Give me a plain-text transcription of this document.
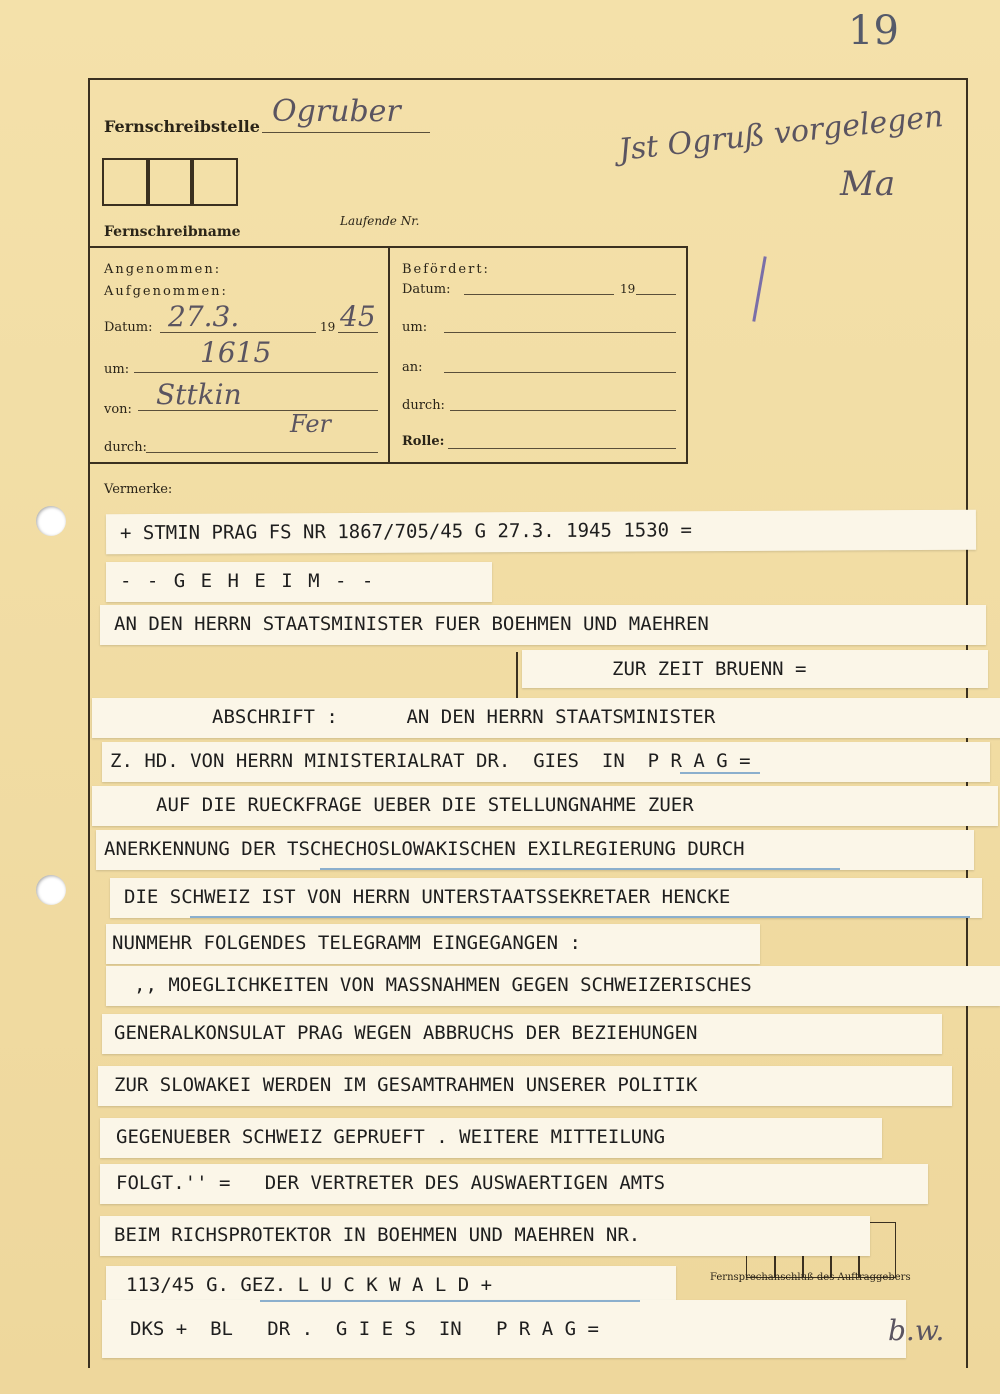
19
Fernschreibstelle Ogruber	Jst Ogruß vorgelegen
Ma
Fernschreibname
Laufende Nr.
Angenommen:
Aufgenommen:
Datum: 27.3.	19 45
um:
1615
von: Sttkin
Fer
durch:
Befördert:
Datum:	19
um:
an:
durch:
Rolle:
Vermerke:
Fernsprechanschluß des Auftraggebers
+ STMIN PRAG FS NR 1867/705/45 G 27.3. 1945 1530 =
- - G E H E I M - -
AN DEN HERRN STAATSMINISTER FUER BOEHMEN UND MAEHREN
ZUR ZEIT BRUENN =
ABSCHRIFT :      AN DEN HERRN STAATSMINISTER
Z. HD. VON HERRN MINISTERIALRAT DR.  GIES  IN  P R A G =
AUF DIE RUECKFRAGE UEBER DIE STELLUNGNAHME ZUER
ANERKENNUNG DER TSCHECHOSLOWAKISCHEN EXILREGIERUNG DURCH
DIE SCHWEIZ IST VON HERRN UNTERSTAATSSEKRETAER HENCKE
NUNMEHR FOLGENDES TELEGRAMM EINGEGANGEN :
,, MOEGLICHKEITEN VON MASSNAHMEN GEGEN SCHWEIZERISCHES
GENERALKONSULAT PRAG WEGEN ABBRUCHS DER BEZIEHUNGEN
ZUR SLOWAKEI WERDEN IM GESAMTRAHMEN UNSERER POLITIK
GEGENUEBER SCHWEIZ GEPRUEFT . WEITERE MITTEILUNG
FOLGT.'' =   DER VERTRETER DES AUSWAERTIGEN AMTS
BEIM RICHSPROTEKTOR IN BOEHMEN UND MAEHREN NR.
113/45 G. GEZ. L U C K W A L D +
DKS +  BL   DR .  G I E S  IN   P R A G =	b.w.
